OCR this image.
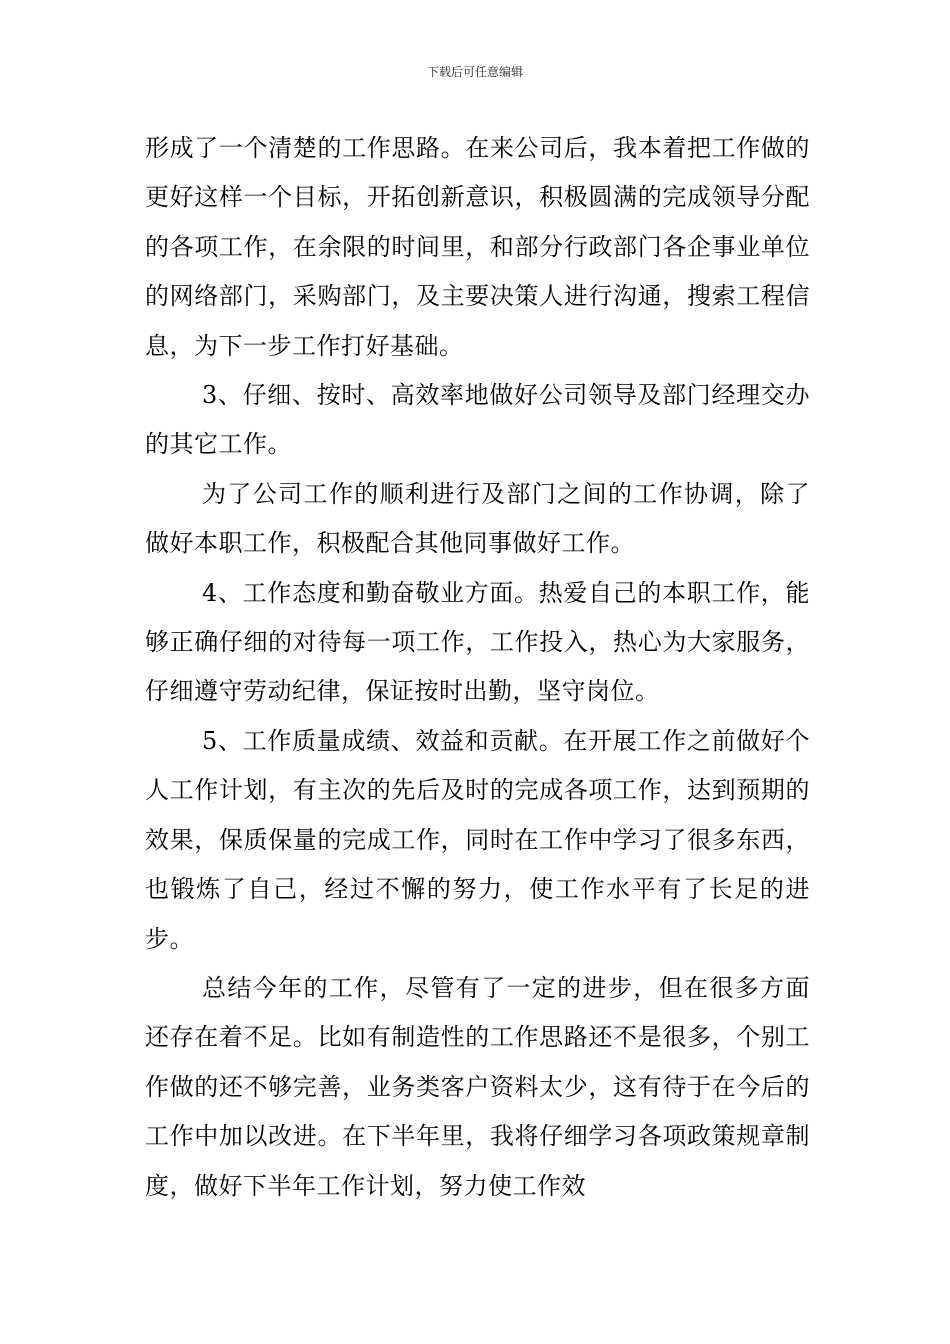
下载后可任意编辑

形成了一个清楚的工作思路。在来公司后，我本着把工作做的更好这样一个目标，开拓创新意识，积极圆满的完成领导分配的各项工作，在余限的时间里，和部分行政部门各企事业单位的网络部门，采购部门，及主要决策人进行沟通，搜索工程信息，为下一步工作打好基础。

3、仔细、按时、高效率地做好公司领导及部门经理交办的其它工作。

为了公司工作的顺利进行及部门之间的工作协调，除了做好本职工作，积极配合其他同事做好工作。

4、工作态度和勤奋敬业方面。热爱自己的本职工作，能够正确仔细的对待每一项工作，工作投入，热心为大家服务，仔细遵守劳动纪律，保证按时出勤，坚守岗位。

5、工作质量成绩、效益和贡献。在开展工作之前做好个人工作计划，有主次的先后及时的完成各项工作，达到预期的效果，保质保量的完成工作，同时在工作中学习了很多东西，也锻炼了自己，经过不懈的努力，使工作水平有了长足的进步。

总结今年的工作，尽管有了一定的进步，但在很多方面还存在着不足。比如有制造性的工作思路还不是很多，个别工作做的还不够完善，业务类客户资料太少，这有待于在今后的工作中加以改进。在下半年里，我将仔细学习各项政策规章制度，做好下半年工作计划，努力使工作效
